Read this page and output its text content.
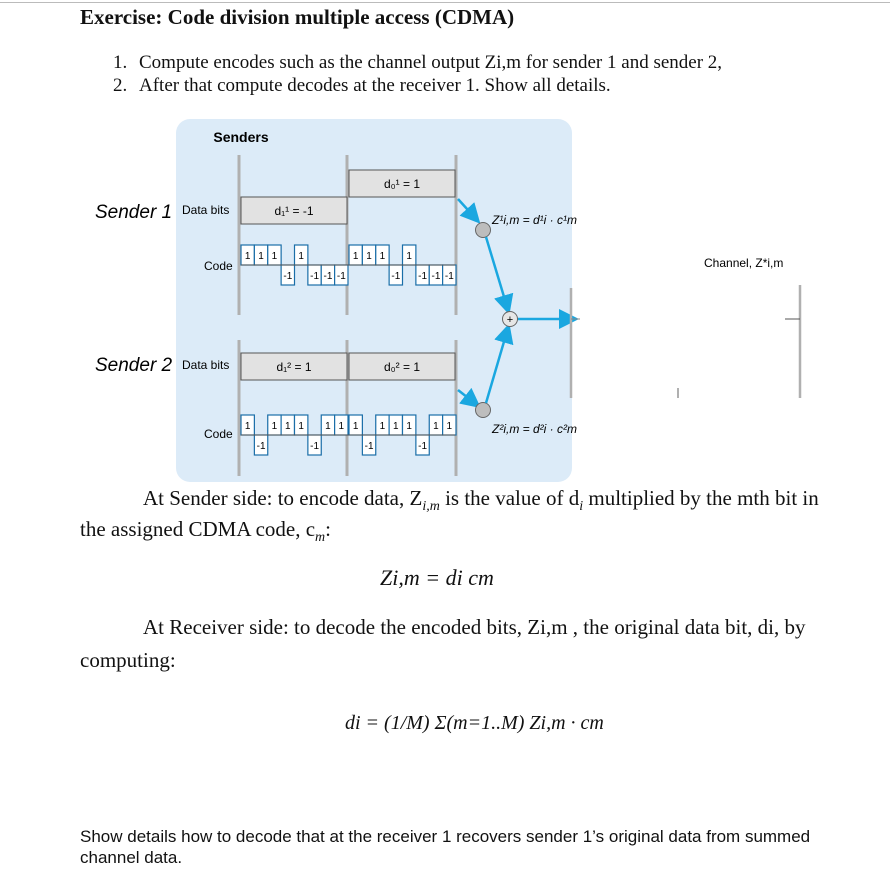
Exercise: Code division multiple access (CDMA)
1. Compute encodes such as the channel output Zi,m for sender 1 and sender 2,
2. After that compute decodes at the receiver 1. Show all details.
Senders
Sender 1
Sender 2
Data bits
Data bits
Code
Code
d₁¹ = -1
d₀¹ = 1
1 1 1
-1
1
-1 -1 -1
1 1 1
-1
1
-1 -1 -1
d₁² = 1	d₀² = 1
1
-1
1 1 1
-1
1 1 1
-1
1 1 1
-1
1 1
+
Z¹i,m = d¹i · c¹m
Z²i,m = d²i · c²m
Channel, Z*i,m
At Sender side: to encode data, $Z_{i,m}$ is the value of $d_i$ multiplied by the mth bit in
the assigned CDMA code, $c_m$:
Zi,m = di cm
At Receiver side: to decode the encoded bits, Zi,m , the original data bit, di, by
computing:
di = (1/M) Σ(m=1..M) Zi,m · cm
Show details how to decode that at the receiver 1 recovers sender 1’s original data from summed channel data.
